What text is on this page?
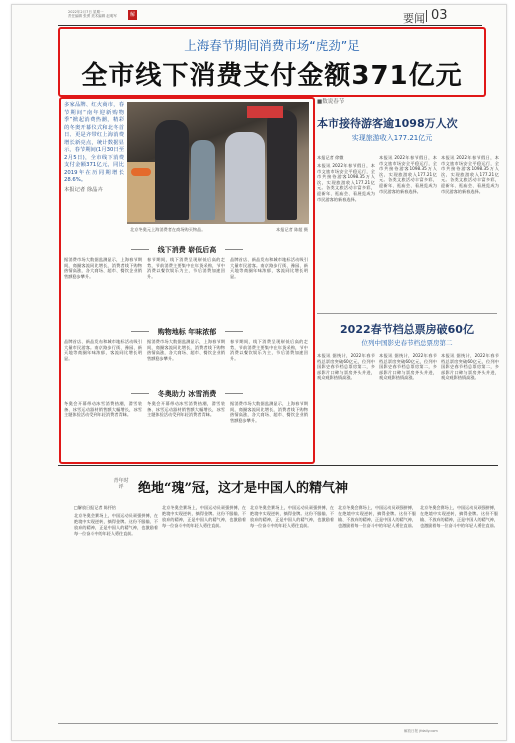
2022年2月7日 星期一
责任编辑 张勇 美术编辑 赵明军	解	要闻 03
上海春节期间消费市场“虎劲”足
全市线下消费支付金额371亿元
多家品牌、红火商市，春节期间“南年迎新购物季”掀起消费热潮，精彩的冬奥开幕仪式和北冬首日、更是齐带红上海消费增长新亮点，统计数据显示，春节期间(1月30日至2月5日)，全市线下消费支付金额371亿元，同比2019年在历同期增长28.6%。
本报记者 徐晶卉
北京冬奥元上海消费者在商场购买物品。	本报记者 陈超 摄
线下消费 崭低后高
据消费市场大数据监测显示，上海春节期间，商圈客流同比增长，消费者线下购物热情高涨，各大商场、超市、餐饮企业销售额稳步攀升。
春节期间，线下消费呈现崭低后高的走势，节前消费主要集中在年货采购，节中消费以餐饮娱乐为主，节后消费加速回升。
品牌首店、新品发布和城市地标活动吸引大量市民游客。南京路步行街、豫园、新天地等商圈年味浓郁，客流同比增长明显。
购物地标 年味浓郁
品牌首店、新品发布和城市地标活动吸引大量市民游客。南京路步行街、豫园、新天地等商圈年味浓郁，客流同比增长明显。
据消费市场大数据监测显示，上海春节期间，商圈客流同比增长，消费者线下购物热情高涨，各大商场、超市、餐饮企业销售额稳步攀升。
春节期间，线下消费呈现崭低后高的走势，节前消费主要集中在年货采购，节中消费以餐饮娱乐为主，节后消费加速回升。
冬奥助力 冰雪消费
冬奥会开幕带动冰雪消费热潮，滑雪装备、冰雪运动器材销售额大幅增长，冰雪主题体验活动受到年轻消费者青睐。
冬奥会开幕带动冰雪消费热潮，滑雪装备、冰雪运动器材销售额大幅增长，冰雪主题体验活动受到年轻消费者青睐。
据消费市场大数据监测显示，上海春节期间，商圈客流同比增长，消费者线下购物热情高涨，各大商场、超市、餐饮企业销售额稳步攀升。
■数说春节
本市接待游客逾1098万人次
实现旅游收入177.21亿元
本报记者 徐微
本报讯 2022年春节假日，本市文旅市场安全平稳运行，全市共接待游客1098.35万人次，实现旅游收入177.21亿元。各类文旅活动丰富多彩，迎新年、逛庙会、看展览成为市民游客的新春选择。
本报讯 2022年春节假日，本市文旅市场安全平稳运行，全市共接待游客1098.35万人次，实现旅游收入177.21亿元。各类文旅活动丰富多彩，迎新年、逛庙会、看展览成为市民游客的新春选择。
本报讯 2022年春节假日，本市文旅市场安全平稳运行，全市共接待游客1098.35万人次，实现旅游收入177.21亿元。各类文旅活动丰富多彩，迎新年、逛庙会、看展览成为市民游客的新春选择。
2022春节档总票房破60亿
位列中国影史春节档总票房第二
本报讯 据统计，2022年春节档总票房突破60亿元，位列中国影史春节档总票房第二，多部影片口碑与票房齐头并进，观众观影热情高涨。
本报讯 据统计，2022年春节档总票房突破60亿元，位列中国影史春节档总票房第二，多部影片口碑与票房齐头并进，观众观影热情高涨。
本报讯 据统计，2022年春节档总票房突破60亿元，位列中国影史春节档总票房第二，多部影片口碑与票房齐头并进，观众观影热情高涨。
青年时评	绝地“瑰”冠，这才是中国人的精气神
□解放日报记者 陈抒怡
北京冬奥会赛场上，中国运动员顽强拼搏，在绝境中实现逆转，摘得金牌。这份不服输、不放弃的精神，正是中国人的精气神，也激励着每一位奋斗中的年轻人勇往直前。
北京冬奥会赛场上，中国运动员顽强拼搏，在绝境中实现逆转，摘得金牌。这份不服输、不放弃的精神，正是中国人的精气神，也激励着每一位奋斗中的年轻人勇往直前。
北京冬奥会赛场上，中国运动员顽强拼搏，在绝境中实现逆转，摘得金牌。这份不服输、不放弃的精神，正是中国人的精气神，也激励着每一位奋斗中的年轻人勇往直前。
北京冬奥会赛场上，中国运动员顽强拼搏，在绝境中实现逆转，摘得金牌。这份不服输、不放弃的精神，正是中国人的精气神，也激励着每一位奋斗中的年轻人勇往直前。
北京冬奥会赛场上，中国运动员顽强拼搏，在绝境中实现逆转，摘得金牌。这份不服输、不放弃的精神，正是中国人的精气神，也激励着每一位奋斗中的年轻人勇往直前。
解放日报 jfdaily.com
